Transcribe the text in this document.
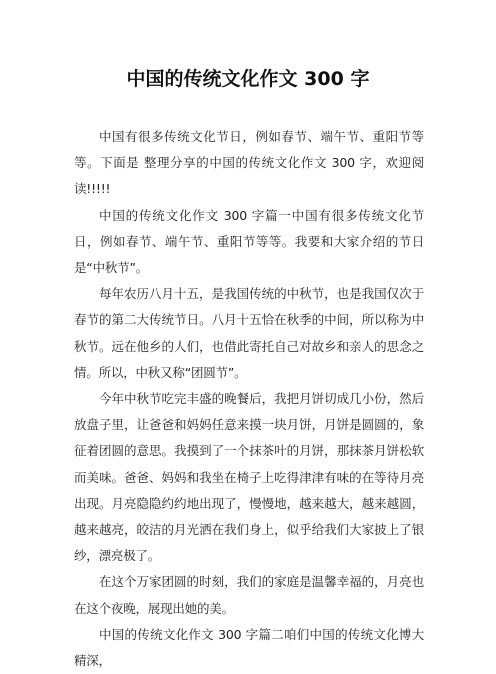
中国的传统文化作文 300 字

中国有很多传统文化节日，例如春节、端午节、重阳节等等。下面是 整理分享的中国的传统文化作文 300 字，欢迎阅读!!!!!

中国的传统文化作文 300 字篇一中国有很多传统文化节日，例如春节、端午节、重阳节等等。我要和大家介绍的节日是“中秋节”。

每年农历八月十五，是我国传统的中秋节，也是我国仅次于春节的第二大传统节日。八月十五恰在秋季的中间，所以称为中秋节。远在他乡的人们，也借此寄托自己对故乡和亲人的思念之情。所以，中秋又称“团圆节”。

今年中秋节吃完丰盛的晚餐后，我把月饼切成几小份，然后放盘子里，让爸爸和妈妈任意来摸一块月饼，月饼是圆圆的，象征着团圆的意思。我摸到了一个抹茶叶的月饼，那抹茶月饼松软而美味。爸爸、妈妈和我坐在椅子上吃得津津有味的在等待月亮出现。月亮隐隐约约地出现了，慢慢地，越来越大，越来越圆，越来越亮，皎洁的月光洒在我们身上，似乎给我们大家披上了银纱，漂亮极了。

在这个万家团圆的时刻，我们的家庭是温馨幸福的，月亮也在这个夜晚，展现出她的美。

中国的传统文化作文 300 字篇二咱们中国的传统文化博大精深，
